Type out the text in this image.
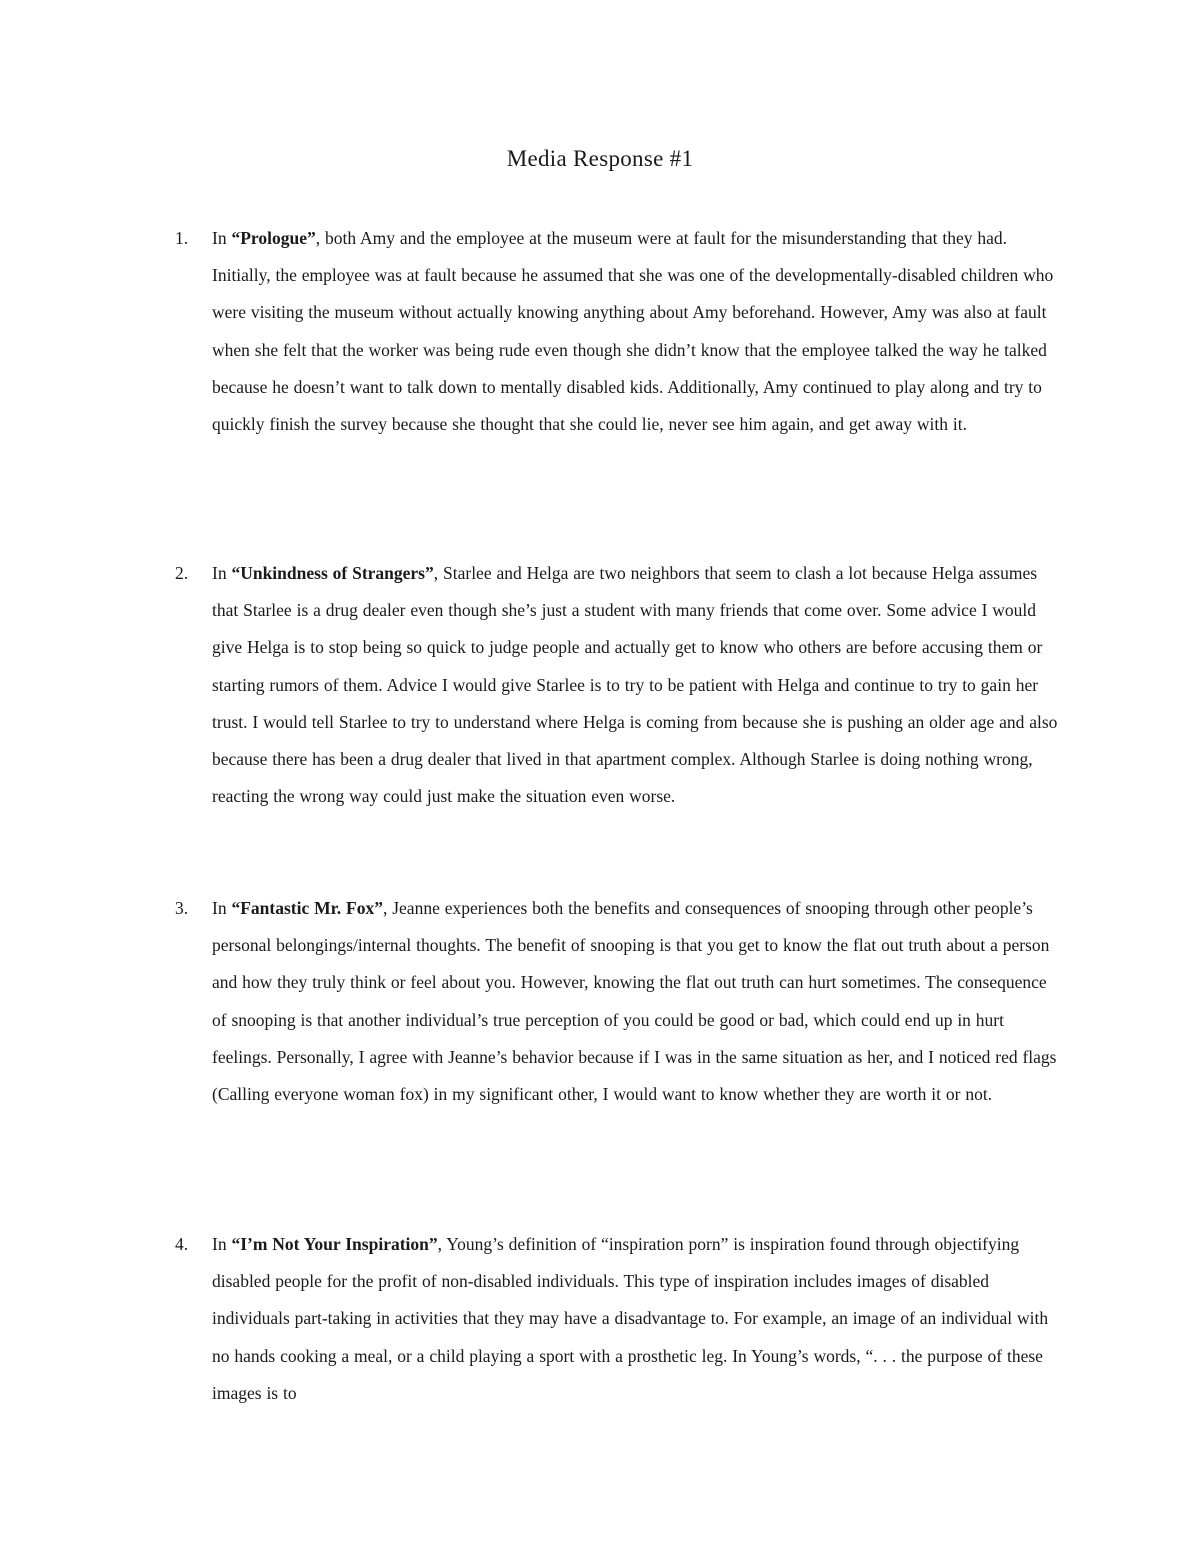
Media Response #1
1.	In “Prologue”, both Amy and the employee at the museum were at fault for the misunderstanding that they had. Initially, the employee was at fault because he assumed that she was one of the developmentally-disabled children who were visiting the museum without actually knowing anything about Amy beforehand. However, Amy was also at fault when she felt that the worker was being rude even though she didn’t know that the employee talked the way he talked because he doesn’t want to talk down to mentally disabled kids. Additionally, Amy continued to play along and try to quickly finish the survey because she thought that she could lie, never see him again, and get away with it.
2.	In “Unkindness of Strangers”, Starlee and Helga are two neighbors that seem to clash a lot because Helga assumes that Starlee is a drug dealer even though she’s just a student with many friends that come over. Some advice I would give Helga is to stop being so quick to judge people and actually get to know who others are before accusing them or starting rumors of them. Advice I would give Starlee is to try to be patient with Helga and continue to try to gain her trust. I would tell Starlee to try to understand where Helga is coming from because she is pushing an older age and also because there has been a drug dealer that lived in that apartment complex. Although Starlee is doing nothing wrong, reacting the wrong way could just make the situation even worse.
3.	In “Fantastic Mr. Fox”, Jeanne experiences both the benefits and consequences of snooping through other people’s personal belongings/internal thoughts. The benefit of snooping is that you get to know the flat out truth about a person and how they truly think or feel about you. However, knowing the flat out truth can hurt sometimes. The consequence of snooping is that another individual’s true perception of you could be good or bad, which could end up in hurt feelings. Personally, I agree with Jeanne’s behavior because if I was in the same situation as her, and I noticed red flags (Calling everyone woman fox) in my significant other, I would want to know whether they are worth it or not.
4.	In “I’m Not Your Inspiration”, Young’s definition of “inspiration porn” is inspiration found through objectifying disabled people for the profit of non-disabled individuals. This type of inspiration includes images of disabled individuals part-taking in activities that they may have a disadvantage to. For example, an image of an individual with no hands cooking a meal, or a child playing a sport with a prosthetic leg. In Young’s words, “. . . the purpose of these images is to
